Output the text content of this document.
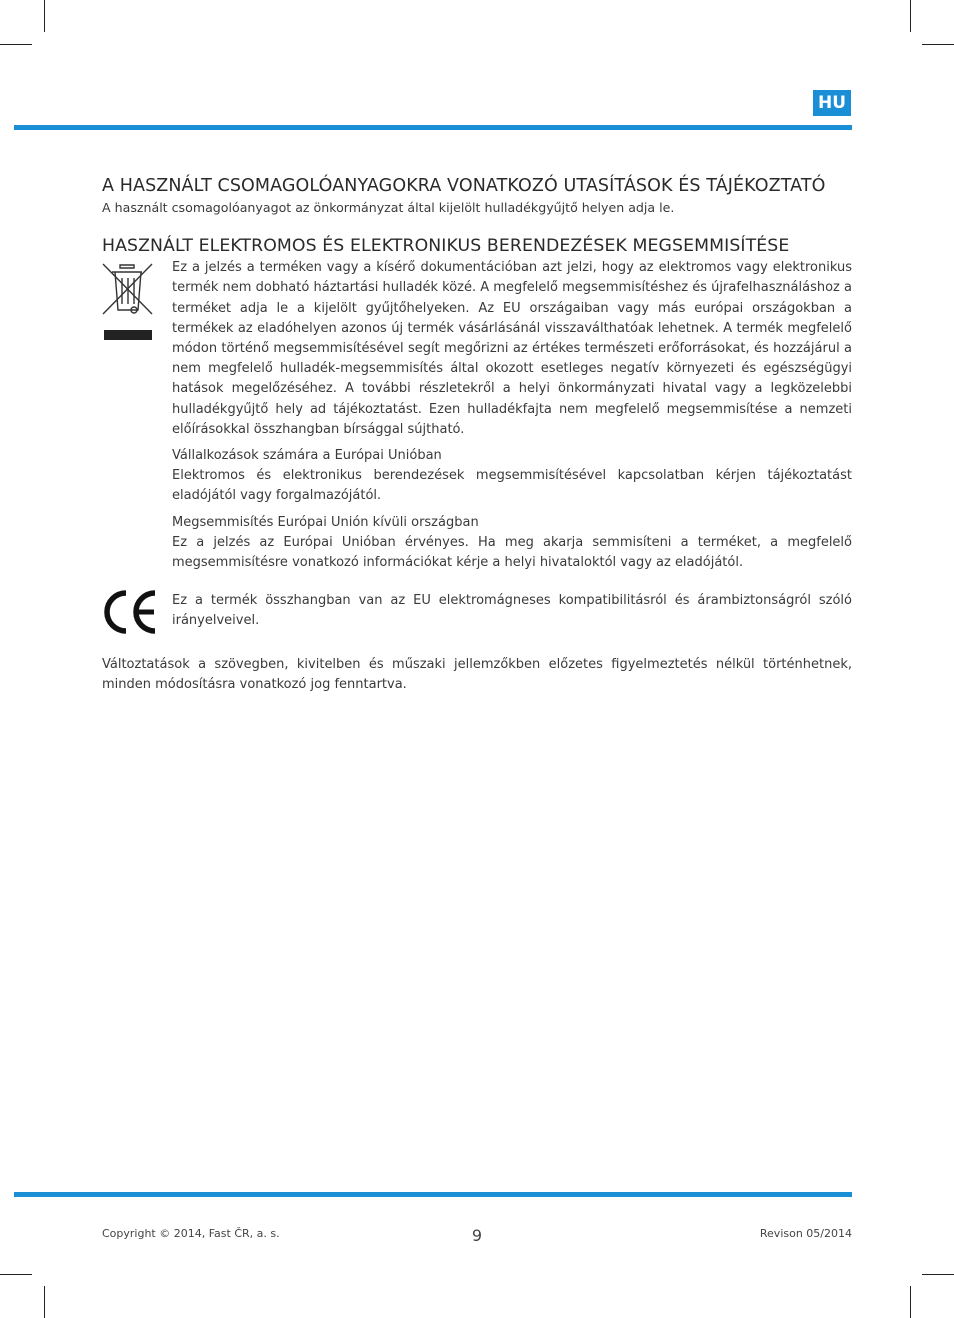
HU
A HASZNÁLT CSOMAGOLÓANYAGOKRA VONATKOZÓ UTASÍTÁSOK ÉS TÁJÉKOZTATÓ

A használt csomagolóanyagot az önkormányzat által kijelölt hulladékgyűjtő helyen adja le.

HASZNÁLT ELEKTROMOS ÉS ELEKTRONIKUS BERENDEZÉSEK MEGSEMMISÍTÉSE

Ez a jelzés a terméken vagy a kísérő dokumentációban azt jelzi, hogy az elektromos vagy elektronikus termék nem dobható háztartási hulladék közé. A megfelelő megsemmisítéshez és újrafelhasználáshoz a terméket adja le a kijelölt gyűjtőhelyeken. Az EU országaiban vagy más európai országokban a termékek az eladóhelyen azonos új termék vásárlásánál visszaválthatóak lehetnek. A termék megfelelő módon történő megsemmisítésével segít megőrizni az értékes természeti erőforrásokat, és hozzájárul a nem megfelelő hulladék-megsemmisítés által okozott esetleges negatív környezeti és egészségügyi hatások megelőzéséhez. A további részletekről a helyi önkormányzati hivatal vagy a legközelebbi hulladékgyűjtő hely ad tájékoztatást. Ezen hulladékfajta nem megfelelő megsemmisítése a nemzeti előírásokkal összhangban bírsággal sújtható.

Vállalkozások számára a Európai Unióban
Elektromos és elektronikus berendezések megsemmisítésével kapcsolatban kérjen tájékoztatást eladójától vagy forgalmazójától.

Megsemmisítés Európai Unión kívüli országban
Ez a jelzés az Európai Unióban érvényes. Ha meg akarja semmisíteni a terméket, a megfelelő megsemmisítésre vonatkozó információkat kérje a helyi hivataloktól vagy az eladójától.

Ez a termék összhangban van az EU elektromágneses kompatibilitásról és árambiztonságról szóló irányelveivel.

Változtatások a szövegben, kivitelben és műszaki jellemzőkben előzetes figyelmeztetés nélkül történhetnek, minden módosításra vonatkozó jog fenntartva.

Copyright © 2014, Fast ČR, a. s.	9	Revison 05/2014
